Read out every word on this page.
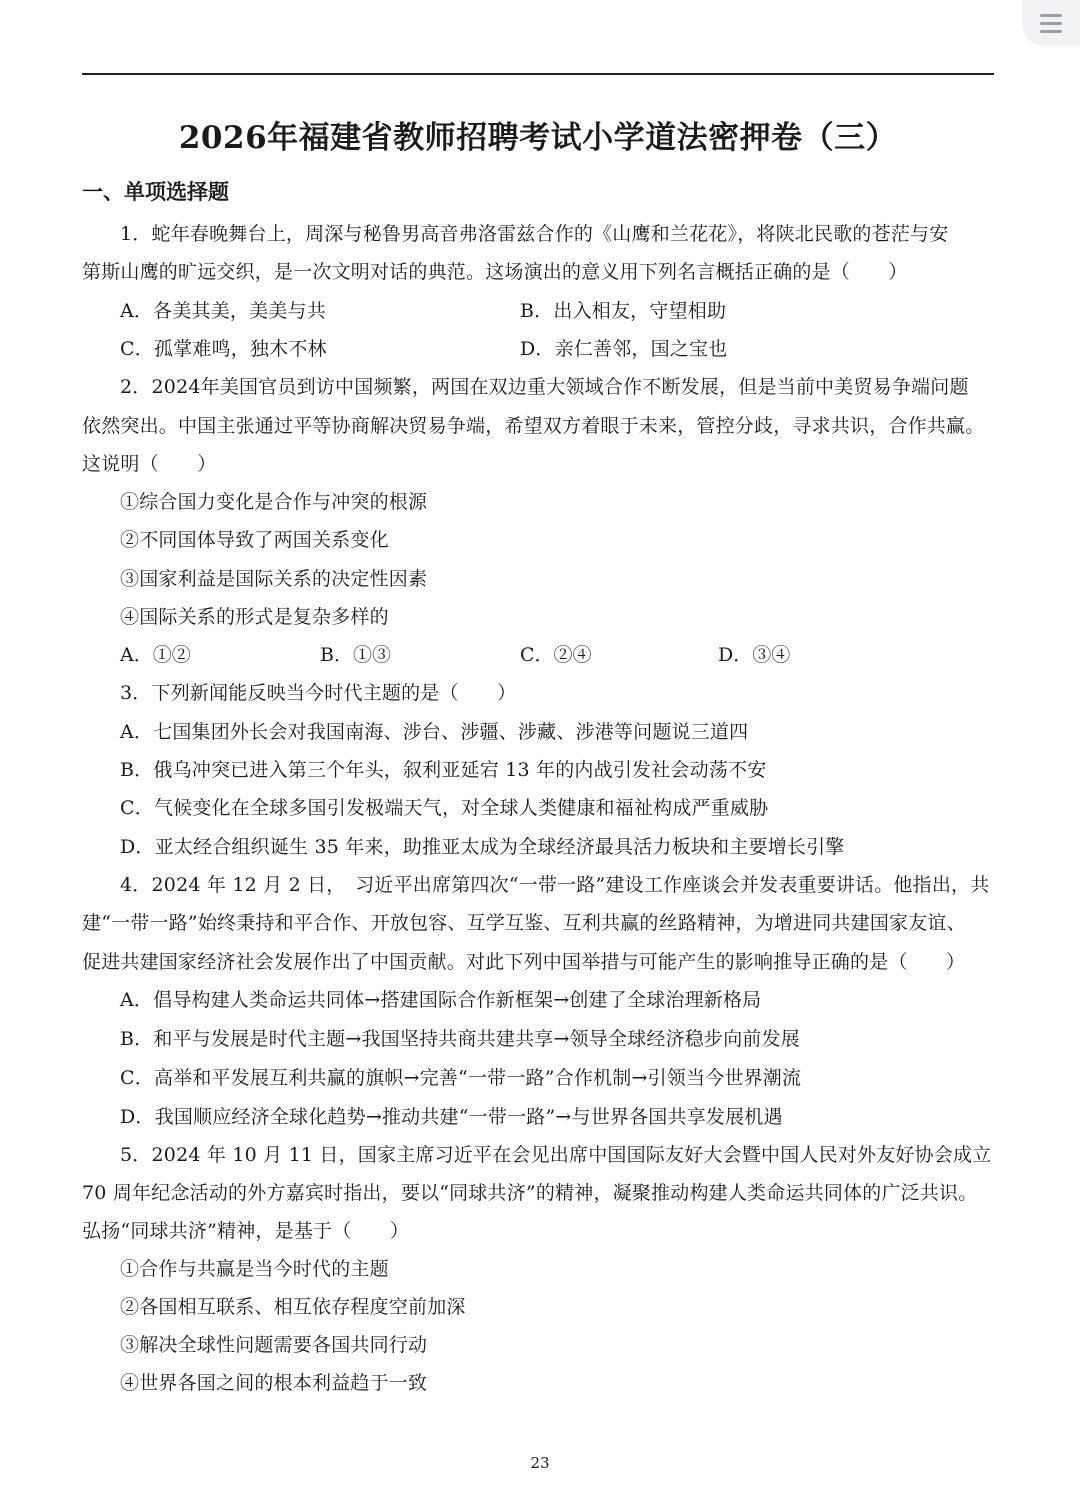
2026年福建省教师招聘考试小学道法密押卷（三）
一、单项选择题
1．蛇年春晚舞台上，周深与秘鲁男高音弗洛雷兹合作的《山鹰和兰花花》，将陕北民歌的苍茫与安
第斯山鹰的旷远交织，是一次文明对话的典范。这场演出的意义用下列名言概括正确的是（　　）
A．各美其美，美美与共	B．出入相友，守望相助
C．孤掌难鸣，独木不林	D．亲仁善邻，国之宝也
2．2024年美国官员到访中国频繁，两国在双边重大领域合作不断发展，但是当前中美贸易争端问题
依然突出。中国主张通过平等协商解决贸易争端，希望双方着眼于未来，管控分歧，寻求共识，合作共赢。
这说明（　　）
①综合国力变化是合作与冲突的根源
②不同国体导致了两国关系变化
③国家利益是国际关系的决定性因素
④国际关系的形式是复杂多样的
A．①②	B．①③	C．②④	D．③④
3．下列新闻能反映当今时代主题的是（　　）
A．七国集团外长会对我国南海、涉台、涉疆、涉藏、涉港等问题说三道四
B．俄乌冲突已进入第三个年头，叙利亚延宕 13 年的内战引发社会动荡不安
C．气候变化在全球多国引发极端天气，对全球人类健康和福祉构成严重威胁
D．亚太经合组织诞生 35 年来，助推亚太成为全球经济最具活力板块和主要增长引擎
4．2024 年 12 月 2 日，　习近平出席第四次“一带一路”建设工作座谈会并发表重要讲话。他指出，共
建“一带一路”始终秉持和平合作、开放包容、互学互鉴、互利共赢的丝路精神，为增进同共建国家友谊、
促进共建国家经济社会发展作出了中国贡献。对此下列中国举措与可能产生的影响推导正确的是（　　）
A．倡导构建人类命运共同体→搭建国际合作新框架→创建了全球治理新格局
B．和平与发展是时代主题→我国坚持共商共建共享→领导全球经济稳步向前发展
C．高举和平发展互利共赢的旗帜→完善“一带一路”合作机制→引领当今世界潮流
D．我国顺应经济全球化趋势→推动共建“一带一路”→与世界各国共享发展机遇
5．2024 年 10 月 11 日，国家主席习近平在会见出席中国国际友好大会暨中国人民对外友好协会成立
70 周年纪念活动的外方嘉宾时指出，要以“同球共济”的精神，凝聚推动构建人类命运共同体的广泛共识。
弘扬“同球共济”精神，是基于（　　）
①合作与共赢是当今时代的主题
②各国相互联系、相互依存程度空前加深
③解决全球性问题需要各国共同行动
④世界各国之间的根本利益趋于一致
23
